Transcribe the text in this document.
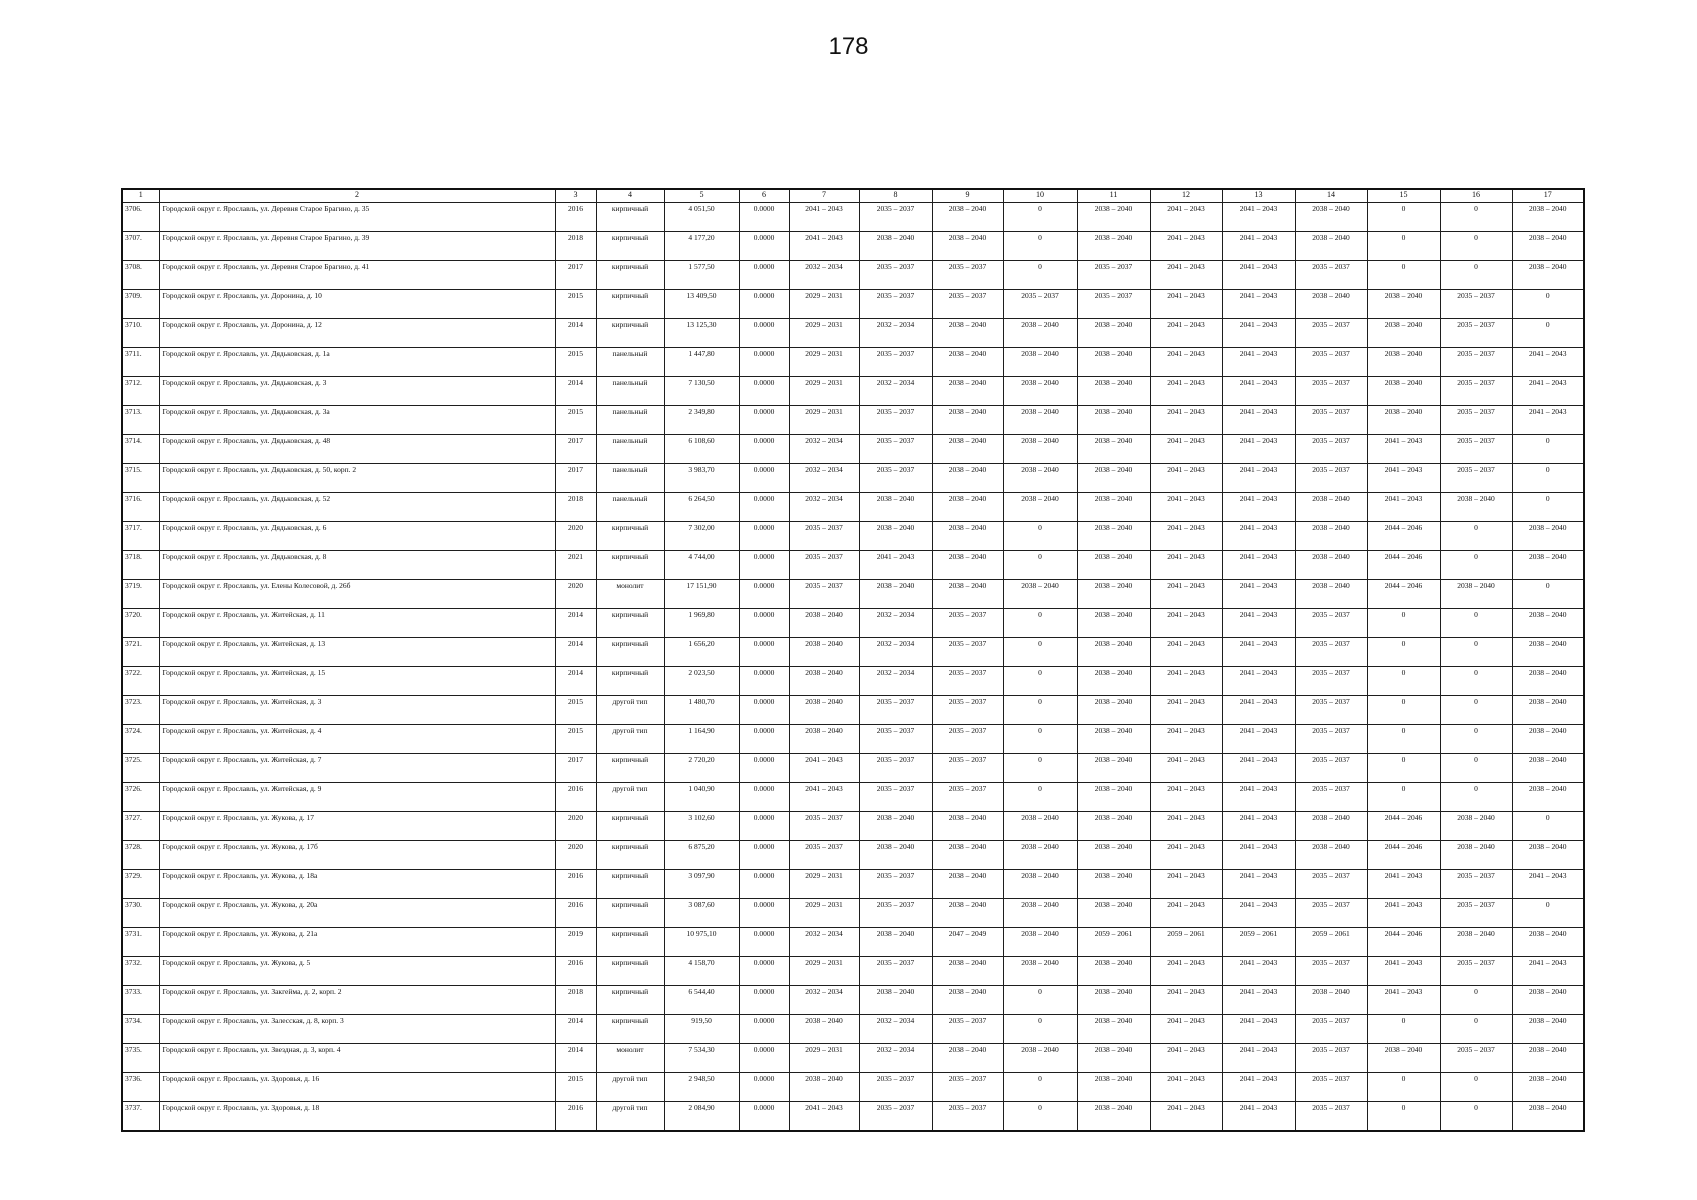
178
1	2	3	4	5	6	7	8	9	10	11	12	13	14	15	16	17
3706.	Городской округ г. Ярославль, ул. Деревня Старое Брагино, д. 35	2016	кирпичный	4 051,50	0.0000	2041 – 2043	2035 – 2037	2038 – 2040	0	2038 – 2040	2041 – 2043	2041 – 2043	2038 – 2040	0	0	2038 – 2040
3707.	Городской округ г. Ярославль, ул. Деревня Старое Брагино, д. 39	2018	кирпичный	4 177,20	0.0000	2041 – 2043	2038 – 2040	2038 – 2040	0	2038 – 2040	2041 – 2043	2041 – 2043	2038 – 2040	0	0	2038 – 2040
3708.	Городской округ г. Ярославль, ул. Деревня Старое Брагино, д. 41	2017	кирпичный	1 577,50	0.0000	2032 – 2034	2035 – 2037	2035 – 2037	0	2035 – 2037	2041 – 2043	2041 – 2043	2035 – 2037	0	0	2038 – 2040
3709.	Городской округ г. Ярославль, ул. Доронина, д. 10	2015	кирпичный	13 409,50	0.0000	2029 – 2031	2035 – 2037	2035 – 2037	2035 – 2037	2035 – 2037	2041 – 2043	2041 – 2043	2038 – 2040	2038 – 2040	2035 – 2037	0
3710.	Городской округ г. Ярославль, ул. Доронина, д. 12	2014	кирпичный	13 125,30	0.0000	2029 – 2031	2032 – 2034	2038 – 2040	2038 – 2040	2038 – 2040	2041 – 2043	2041 – 2043	2035 – 2037	2038 – 2040	2035 – 2037	0
3711.	Городской округ г. Ярославль, ул. Дядьковская, д. 1а	2015	панельный	1 447,80	0.0000	2029 – 2031	2035 – 2037	2038 – 2040	2038 – 2040	2038 – 2040	2041 – 2043	2041 – 2043	2035 – 2037	2038 – 2040	2035 – 2037	2041 – 2043
3712.	Городской округ г. Ярославль, ул. Дядьковская, д. 3	2014	панельный	7 130,50	0.0000	2029 – 2031	2032 – 2034	2038 – 2040	2038 – 2040	2038 – 2040	2041 – 2043	2041 – 2043	2035 – 2037	2038 – 2040	2035 – 2037	2041 – 2043
3713.	Городской округ г. Ярославль, ул. Дядьковская, д. 3а	2015	панельный	2 349,80	0.0000	2029 – 2031	2035 – 2037	2038 – 2040	2038 – 2040	2038 – 2040	2041 – 2043	2041 – 2043	2035 – 2037	2038 – 2040	2035 – 2037	2041 – 2043
3714.	Городской округ г. Ярославль, ул. Дядьковская, д. 48	2017	панельный	6 108,60	0.0000	2032 – 2034	2035 – 2037	2038 – 2040	2038 – 2040	2038 – 2040	2041 – 2043	2041 – 2043	2035 – 2037	2041 – 2043	2035 – 2037	0
3715.	Городской округ г. Ярославль, ул. Дядьковская, д. 50, корп. 2	2017	панельный	3 983,70	0.0000	2032 – 2034	2035 – 2037	2038 – 2040	2038 – 2040	2038 – 2040	2041 – 2043	2041 – 2043	2035 – 2037	2041 – 2043	2035 – 2037	0
3716.	Городской округ г. Ярославль, ул. Дядьковская, д. 52	2018	панельный	6 264,50	0.0000	2032 – 2034	2038 – 2040	2038 – 2040	2038 – 2040	2038 – 2040	2041 – 2043	2041 – 2043	2038 – 2040	2041 – 2043	2038 – 2040	0
3717.	Городской округ г. Ярославль, ул. Дядьковская, д. 6	2020	кирпичный	7 302,00	0.0000	2035 – 2037	2038 – 2040	2038 – 2040	0	2038 – 2040	2041 – 2043	2041 – 2043	2038 – 2040	2044 – 2046	0	2038 – 2040
3718.	Городской округ г. Ярославль, ул. Дядьковская, д. 8	2021	кирпичный	4 744,00	0.0000	2035 – 2037	2041 – 2043	2038 – 2040	0	2038 – 2040	2041 – 2043	2041 – 2043	2038 – 2040	2044 – 2046	0	2038 – 2040
3719.	Городской округ г. Ярославль, ул. Елены Колесовой, д. 26б	2020	монолит	17 151,90	0.0000	2035 – 2037	2038 – 2040	2038 – 2040	2038 – 2040	2038 – 2040	2041 – 2043	2041 – 2043	2038 – 2040	2044 – 2046	2038 – 2040	0
3720.	Городской округ г. Ярославль, ул. Житейская, д. 11	2014	кирпичный	1 969,80	0.0000	2038 – 2040	2032 – 2034	2035 – 2037	0	2038 – 2040	2041 – 2043	2041 – 2043	2035 – 2037	0	0	2038 – 2040
3721.	Городской округ г. Ярославль, ул. Житейская, д. 13	2014	кирпичный	1 656,20	0.0000	2038 – 2040	2032 – 2034	2035 – 2037	0	2038 – 2040	2041 – 2043	2041 – 2043	2035 – 2037	0	0	2038 – 2040
3722.	Городской округ г. Ярославль, ул. Житейская, д. 15	2014	кирпичный	2 023,50	0.0000	2038 – 2040	2032 – 2034	2035 – 2037	0	2038 – 2040	2041 – 2043	2041 – 2043	2035 – 2037	0	0	2038 – 2040
3723.	Городской округ г. Ярославль, ул. Житейская, д. 3	2015	другой тип	1 480,70	0.0000	2038 – 2040	2035 – 2037	2035 – 2037	0	2038 – 2040	2041 – 2043	2041 – 2043	2035 – 2037	0	0	2038 – 2040
3724.	Городской округ г. Ярославль, ул. Житейская, д. 4	2015	другой тип	1 164,90	0.0000	2038 – 2040	2035 – 2037	2035 – 2037	0	2038 – 2040	2041 – 2043	2041 – 2043	2035 – 2037	0	0	2038 – 2040
3725.	Городской округ г. Ярославль, ул. Житейская, д. 7	2017	кирпичный	2 720,20	0.0000	2041 – 2043	2035 – 2037	2035 – 2037	0	2038 – 2040	2041 – 2043	2041 – 2043	2035 – 2037	0	0	2038 – 2040
3726.	Городской округ г. Ярославль, ул. Житейская, д. 9	2016	другой тип	1 040,90	0.0000	2041 – 2043	2035 – 2037	2035 – 2037	0	2038 – 2040	2041 – 2043	2041 – 2043	2035 – 2037	0	0	2038 – 2040
3727.	Городской округ г. Ярославль, ул. Жукова, д. 17	2020	кирпичный	3 102,60	0.0000	2035 – 2037	2038 – 2040	2038 – 2040	2038 – 2040	2038 – 2040	2041 – 2043	2041 – 2043	2038 – 2040	2044 – 2046	2038 – 2040	0
3728.	Городской округ г. Ярославль, ул. Жукова, д. 17б	2020	кирпичный	6 875,20	0.0000	2035 – 2037	2038 – 2040	2038 – 2040	2038 – 2040	2038 – 2040	2041 – 2043	2041 – 2043	2038 – 2040	2044 – 2046	2038 – 2040	2038 – 2040
3729.	Городской округ г. Ярославль, ул. Жукова, д. 18а	2016	кирпичный	3 097,90	0.0000	2029 – 2031	2035 – 2037	2038 – 2040	2038 – 2040	2038 – 2040	2041 – 2043	2041 – 2043	2035 – 2037	2041 – 2043	2035 – 2037	2041 – 2043
3730.	Городской округ г. Ярославль, ул. Жукова, д. 20а	2016	кирпичный	3 087,60	0.0000	2029 – 2031	2035 – 2037	2038 – 2040	2038 – 2040	2038 – 2040	2041 – 2043	2041 – 2043	2035 – 2037	2041 – 2043	2035 – 2037	0
3731.	Городской округ г. Ярославль, ул. Жукова, д. 21а	2019	кирпичный	10 975,10	0.0000	2032 – 2034	2038 – 2040	2047 – 2049	2038 – 2040	2059 – 2061	2059 – 2061	2059 – 2061	2059 – 2061	2044 – 2046	2038 – 2040	2038 – 2040
3732.	Городской округ г. Ярославль, ул. Жукова, д. 5	2016	кирпичный	4 158,70	0.0000	2029 – 2031	2035 – 2037	2038 – 2040	2038 – 2040	2038 – 2040	2041 – 2043	2041 – 2043	2035 – 2037	2041 – 2043	2035 – 2037	2041 – 2043
3733.	Городской округ г. Ярославль, ул. Закгейма, д. 2, корп. 2	2018	кирпичный	6 544,40	0.0000	2032 – 2034	2038 – 2040	2038 – 2040	0	2038 – 2040	2041 – 2043	2041 – 2043	2038 – 2040	2041 – 2043	0	2038 – 2040
3734.	Городской округ г. Ярославль, ул. Залесская, д. 8, корп. 3	2014	кирпичный	919,50	0.0000	2038 – 2040	2032 – 2034	2035 – 2037	0	2038 – 2040	2041 – 2043	2041 – 2043	2035 – 2037	0	0	2038 – 2040
3735.	Городской округ г. Ярославль, ул. Звездная, д. 3, корп. 4	2014	монолит	7 534,30	0.0000	2029 – 2031	2032 – 2034	2038 – 2040	2038 – 2040	2038 – 2040	2041 – 2043	2041 – 2043	2035 – 2037	2038 – 2040	2035 – 2037	2038 – 2040
3736.	Городской округ г. Ярославль, ул. Здоровья, д. 16	2015	другой тип	2 948,50	0.0000	2038 – 2040	2035 – 2037	2035 – 2037	0	2038 – 2040	2041 – 2043	2041 – 2043	2035 – 2037	0	0	2038 – 2040
3737.	Городской округ г. Ярославль, ул. Здоровья, д. 18	2016	другой тип	2 084,90	0.0000	2041 – 2043	2035 – 2037	2035 – 2037	0	2038 – 2040	2041 – 2043	2041 – 2043	2035 – 2037	0	0	2038 – 2040
